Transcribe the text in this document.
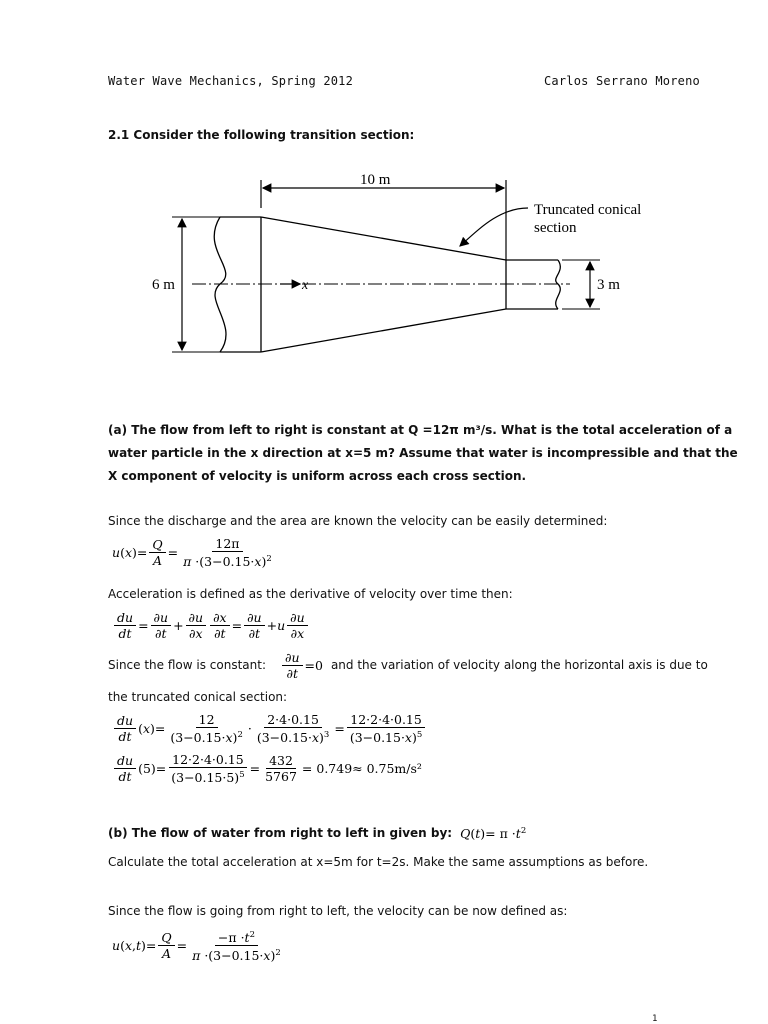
Water Wave Mechanics, Spring 2012	Carlos Serrano Moreno
2.1 Consider the following transition section:
10 m
6 m	3 m
x
Truncated conical
section
(a) The flow from left to right is constant at Q =12π m³/s. What is the total acceleration of a
water particle in the x direction at x=5 m? Assume that water is incompressible and that the
X component of velocity is uniform across each cross section.
Since the discharge and the area are known the velocity can be easily determined:
u ( x )= $\frac{Q}{A} = \frac{12\pi}{\pi \cdot(3-0.15\cdot x)^2}$
Acceleration is defined as the derivative of velocity over time then:
$\frac{du}{dt} = \frac{\partial u}{\partial t} + \frac{\partial u}{\partial x} \frac{\partial x}{\partial t} = \frac{\partial u}{\partial t} + u \frac{\partial u}{\partial x}$
Since the flow is constant: $\frac{\partial u}{\partial t} =0$ and the variation of velocity along the horizontal axis is due to
the truncated conical section:
$\frac{du}{dt}$ ( x )= $\frac{12}{(3-0.15\cdot x)^2} \cdot \frac{2\cdot 4\cdot 0.15}{(3-0.15\cdot x)^3} = \frac{12\cdot 2\cdot 4\cdot 0.15}{(3-0.15\cdot x)^5}$
$\frac{du}{dt} (5)= \frac{12\cdot 2\cdot 4\cdot 0.15}{(3-0.15\cdot 5)^5} = \frac{432}{5767} = 0.749\approx 0.75m/s^2$
(b) The flow of water from right to left in given by: $Q(t)= \pi \cdot t^2$
Calculate the total acceleration at x=5m for t=2s. Make the same assumptions as before.
Since the flow is going from right to left, the velocity can be now defined as:
u ( x , t )= $\frac{Q}{A} = \frac{-\pi \cdot t^2}{\pi \cdot(3-0.15\cdot x)^2}$
1
